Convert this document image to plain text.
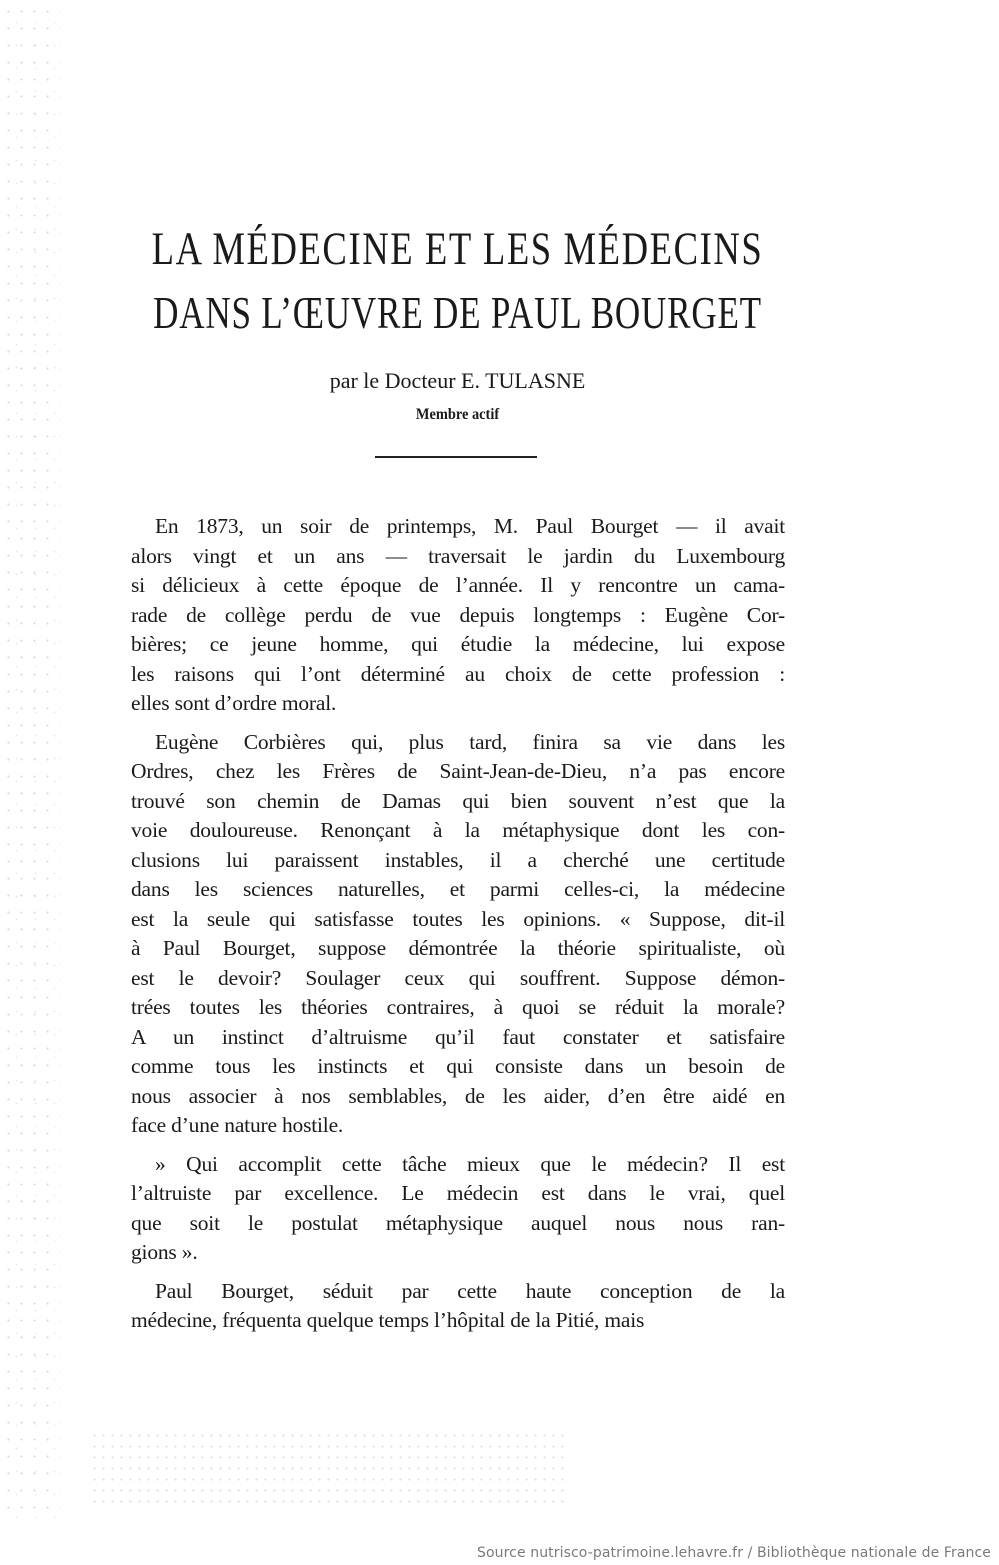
LA MÉDECINE ET LES MÉDECINS
DANS L’ŒUVRE DE PAUL BOURGET
par le Docteur E. TULASNE
Membre actif

En 1873, un soir de printemps, M. Paul Bourget — il avait
alors vingt et un ans — traversait le jardin du Luxembourg
si délicieux à cette époque de l’année. Il y rencontre un cama-
rade de collège perdu de vue depuis longtemps : Eugène Cor-
bières; ce jeune homme, qui étudie la médecine, lui expose
les raisons qui l’ont déterminé au choix de cette profession :
elles sont d’ordre moral.

Eugène Corbières qui, plus tard, finira sa vie dans les
Ordres, chez les Frères de Saint-Jean-de-Dieu, n’a pas encore
trouvé son chemin de Damas qui bien souvent n’est que la
voie douloureuse. Renonçant à la métaphysique dont les con-
clusions lui paraissent instables, il a cherché une certitude
dans les sciences naturelles, et parmi celles-ci, la médecine
est la seule qui satisfasse toutes les opinions. « Suppose, dit-il
à Paul Bourget, suppose démontrée la théorie spiritualiste, où
est le devoir? Soulager ceux qui souffrent. Suppose démon-
trées toutes les théories contraires, à quoi se réduit la morale?
A un instinct d’altruisme qu’il faut constater et satisfaire
comme tous les instincts et qui consiste dans un besoin de
nous associer à nos semblables, de les aider, d’en être aidé en
face d’une nature hostile.

» Qui accomplit cette tâche mieux que le médecin? Il est
l’altruiste par excellence. Le médecin est dans le vrai, quel
que soit le postulat métaphysique auquel nous nous ran-
gions ».

Paul Bourget, séduit par cette haute conception de la
médecine, fréquenta quelque temps l’hôpital de la Pitié, mais

Source nutrisco-patrimoine.lehavre.fr / Bibliothèque nationale de France
